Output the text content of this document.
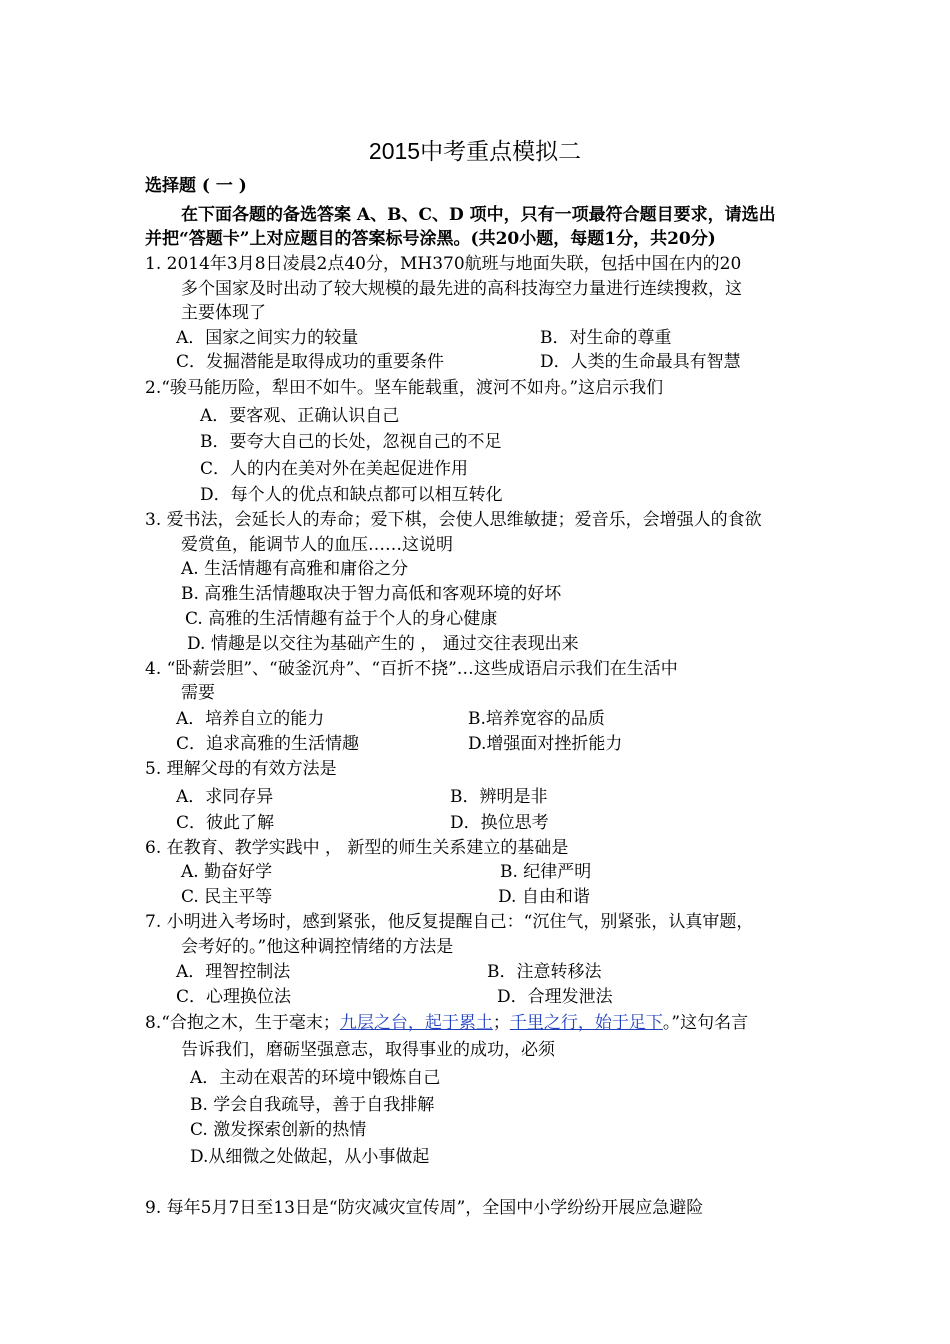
2015中考重点模拟二
选择题 ( 一 )
在下面各题的备选答案 A、B、C、D 项中，只有一项最符合题目要求，请选出
并把“答题卡”上对应题目的答案标号涂黑。(共20小题，每题1分，共20分)
1. 2014年3月8日凌晨2点40分，MH370航班与地面失联，包括中国在内的20
多个国家及时出动了较大规模的最先进的高科技海空力量进行连续搜救，这
主要体现了
A．国家之间实力的较量	B．对生命的尊重
C．发掘潜能是取得成功的重要条件	D．人类的生命最具有智慧
2.“骏马能历险，犁田不如牛。坚车能载重，渡河不如舟。”这启示我们
A．要客观、正确认识自己
B．要夸大自己的长处，忽视自己的不足
C．人的内在美对外在美起促进作用
D．每个人的优点和缺点都可以相互转化
3. 爱书法，会延长人的寿命；爱下棋，会使人思维敏捷；爱音乐，会增强人的食欲
爱赏鱼，能调节人的血压……这说明
A. 生活情趣有高雅和庸俗之分
B. 高雅生活情趣取决于智力高低和客观环境的好坏
C. 高雅的生活情趣有益于个人的身心健康
D. 情趣是以交往为基础产生的 ， 通过交往表现出来
4. “卧薪尝胆”、“破釜沉舟”、“百折不挠”…这些成语启示我们在生活中
需要
A．培养自立的能力	B.培养宽容的品质
C．追求高雅的生活情趣	D.增强面对挫折能力
5. 理解父母的有效方法是
A．求同存异	B．辨明是非
C．彼此了解	D．换位思考
6. 在教育、教学实践中 ， 新型的师生关系建立的基础是
A. 勤奋好学	B. 纪律严明
C. 民主平等	D. 自由和谐
7. 小明进入考场时，感到紧张，他反复提醒自己：“沉住气，别紧张，认真审题，
会考好的。”他这种调控情绪的方法是
A．理智控制法	B．注意转移法
C．心理换位法	D．合理发泄法
8.“合抱之木，生于毫末；九层之台，起于累土；千里之行，始于足下。”这句名言
告诉我们，磨砺坚强意志，取得事业的成功，必须
A．主动在艰苦的环境中锻炼自己
B. 学会自我疏导，善于自我排解
C. 激发探索创新的热情
D.从细微之处做起，从小事做起
9. 每年5月7日至13日是“防灾减灾宣传周”，全国中小学纷纷开展应急避险
